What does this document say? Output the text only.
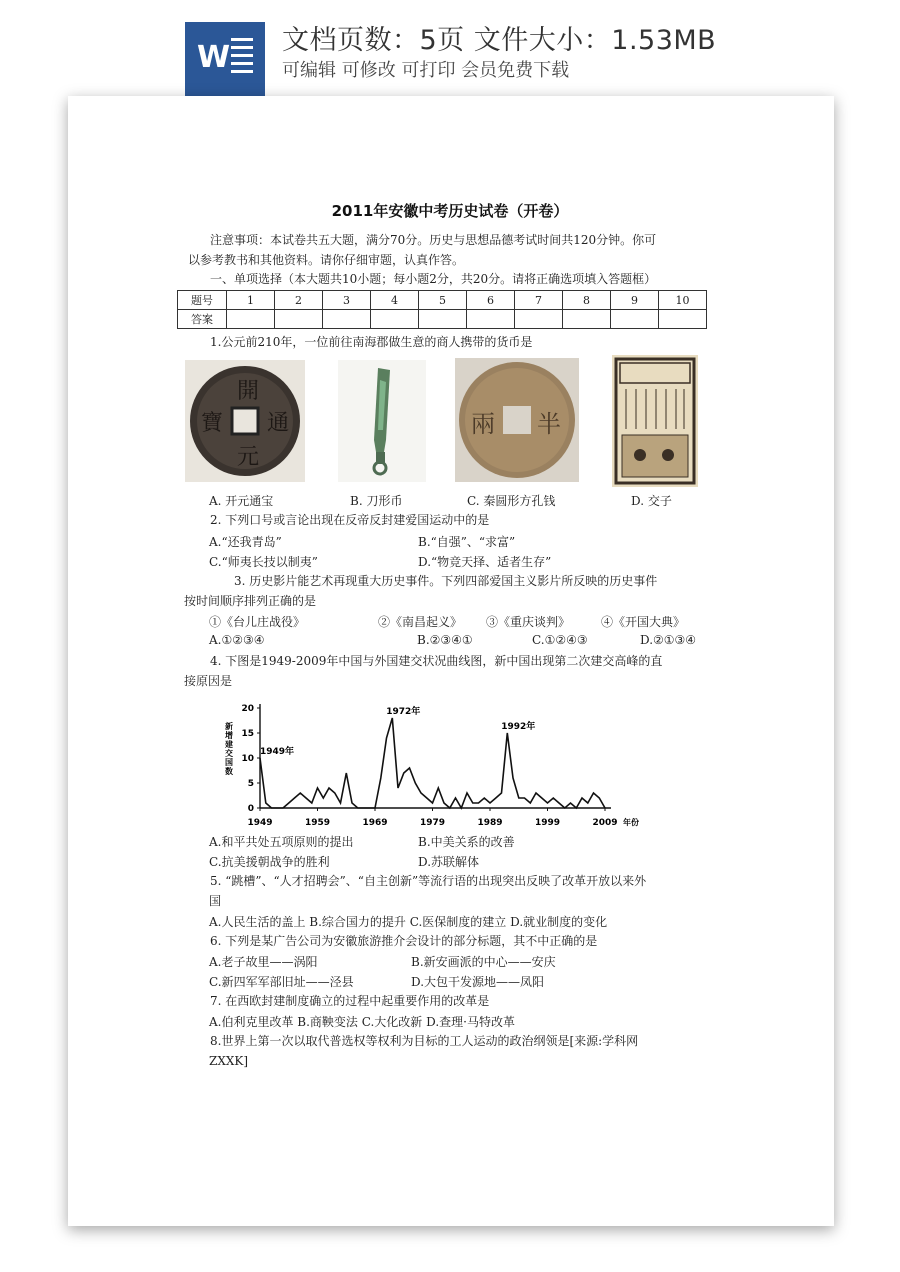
W 文档页数：5页 文件大小：1.53MB
可编辑 可修改 可打印 会员免费下载
2011年安徽中考历史试卷（开卷）
注意事项：本试卷共五大题，满分70分。历史与思想品德考试时间共120分钟。你可
以参考教书和其他资料。请你仔细审题，认真作答。
一、单项选择（本大题共10小题；每小题2分，共20分。请将正确选项填入答题框）
题号	1	2	3	4	5	6	7	8	9	10
答案										
1.公元前210年，一位前往南海郡做生意的商人携带的货币是
開
元
寶 通	兩 半
A. 开元通宝	B. 刀形币	C. 秦圆形方孔钱	D. 交子
2. 下列口号或言论出现在反帝反封建爱国运动中的是
A.“还我青岛”	B.“自强”、“求富”
C.“师夷长技以制夷”	D.“物竞天择、适者生存”
3. 历史影片能艺术再现重大历史事件。下列四部爱国主义影片所反映的历史事件
按时间顺序排列正确的是
①《台儿庄战役》	②《南昌起义》 ③《重庆谈判》	④《开国大典》
A.①②③④	B.②③④①	C.①②④③	D.②①③④
4. 下图是1949-2009年中国与外国建交状况曲线图，新中国出现第二次建交高峰的直
接原因是
0
5
10
15
20
1949	1959	1969	1979	1989	1999	2009 年份
新增建交国数	1949年
1972年
1992年
A.和平共处五项原则的提出	B.中美关系的改善
C.抗美援朝战争的胜利	D.苏联解体
5. “跳槽”、“人才招聘会”、“自主创新”等流行语的出现突出反映了改革开放以来外
国
A.人民生活的盖上 B.综合国力的提升 C.医保制度的建立 D.就业制度的变化
6. 下列是某广告公司为安徽旅游推介会设计的部分标题，其不中正确的是
A.老子故里——涡阳	B.新安画派的中心——安庆
C.新四军军部旧址——泾县	D.大包干发源地——凤阳
7. 在西欧封建制度确立的过程中起重要作用的改革是
A.伯利克里改革 B.商鞅变法 C.大化改新 D.查理·马特改革
8.世界上第一次以取代普选权等权利为目标的工人运动的政治纲领是[来源:学科网
ZXXK]
